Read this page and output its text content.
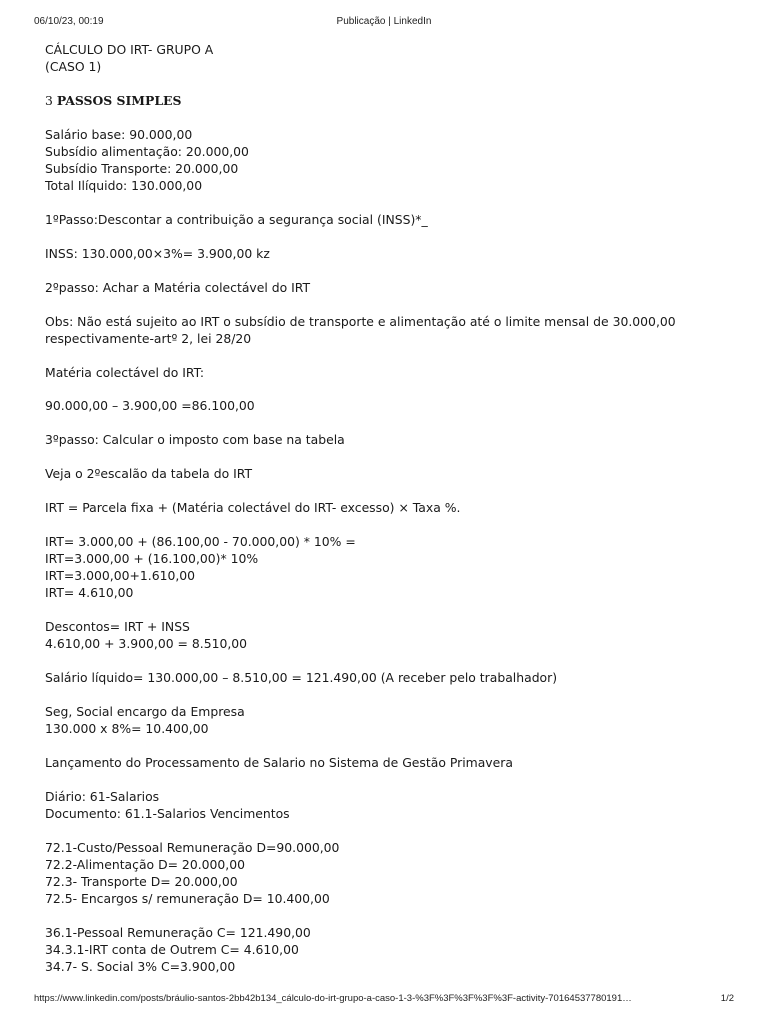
06/10/23, 00:19	Publicação | LinkedIn

CÁLCULO DO IRT- GRUPO A
(CASO 1)

3 PASSOS SIMPLES

Salário base: 90.000,00
Subsídio alimentação: 20.000,00
Subsídio Transporte: 20.000,00
Total Ilíquido: 130.000,00

1ºPasso:Descontar a contribuição a segurança social (INSS)*_

INSS: 130.000,00×3%= 3.900,00 kz

2ºpasso: Achar a Matéria colectável do IRT

Obs: Não está sujeito ao IRT o subsídio de transporte e alimentação até o limite mensal de 30.000,00 respectivamente-artº 2, lei 28/20

Matéria colectável do IRT:

90.000,00 – 3.900,00 =86.100,00

3ºpasso: Calcular o imposto com base na tabela

Veja o 2ºescalão da tabela do IRT

IRT = Parcela fixa + (Matéria colectável do IRT- excesso) × Taxa %.

IRT= 3.000,00 + (86.100,00 - 70.000,00) * 10% =
IRT=3.000,00 + (16.100,00)* 10%
IRT=3.000,00+1.610,00
IRT= 4.610,00

Descontos= IRT + INSS
4.610,00 + 3.900,00 = 8.510,00

Salário líquido= 130.000,00 – 8.510,00 = 121.490,00 (A receber pelo trabalhador)

Seg, Social encargo da Empresa
130.000 x 8%= 10.400,00

Lançamento do Processamento de Salario no Sistema de Gestão Primavera

Diário: 61-Salarios
Documento: 61.1-Salarios Vencimentos

72.1-Custo/Pessoal Remuneração D=90.000,00
72.2-Alimentação D= 20.000,00
72.3- Transporte D= 20.000,00
72.5- Encargos s/ remuneração D= 10.400,00

36.1-Pessoal Remuneração C= 121.490,00
34.3.1-IRT conta de Outrem C= 4.610,00
34.7- S. Social 3% C=3.900,00

https://www.linkedin.com/posts/bráulio-santos-2bb42b134_cálculo-do-irt-grupo-a-caso-1-3-%3F%3F%3F%3F%3F-activity-70164537780191…	1/2
